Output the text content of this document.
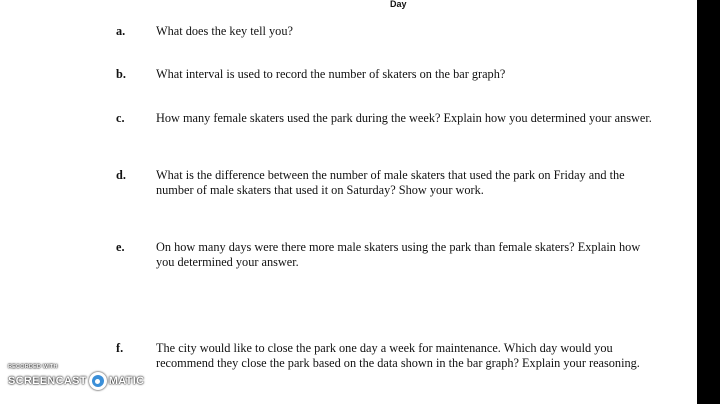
Day
a.	What does the key tell you?
b. What interval is used to record the number of skaters on the bar graph?
c.	How many female skaters used the park during the week? Explain how you determined your answer.
d. What is the difference between the number of male skaters that used the park on Friday and the number of male skaters that used it on Saturday? Show your work.
e.	On how many days were there more male skaters using the park than female skaters? Explain how you determined your answer.
f.	The city would like to close the park one day a week for maintenance. Which day would you recommend they close the park based on the data shown in the bar graph? Explain your reasoning.
RECORDED WITH
SCREENCAST MATIC
